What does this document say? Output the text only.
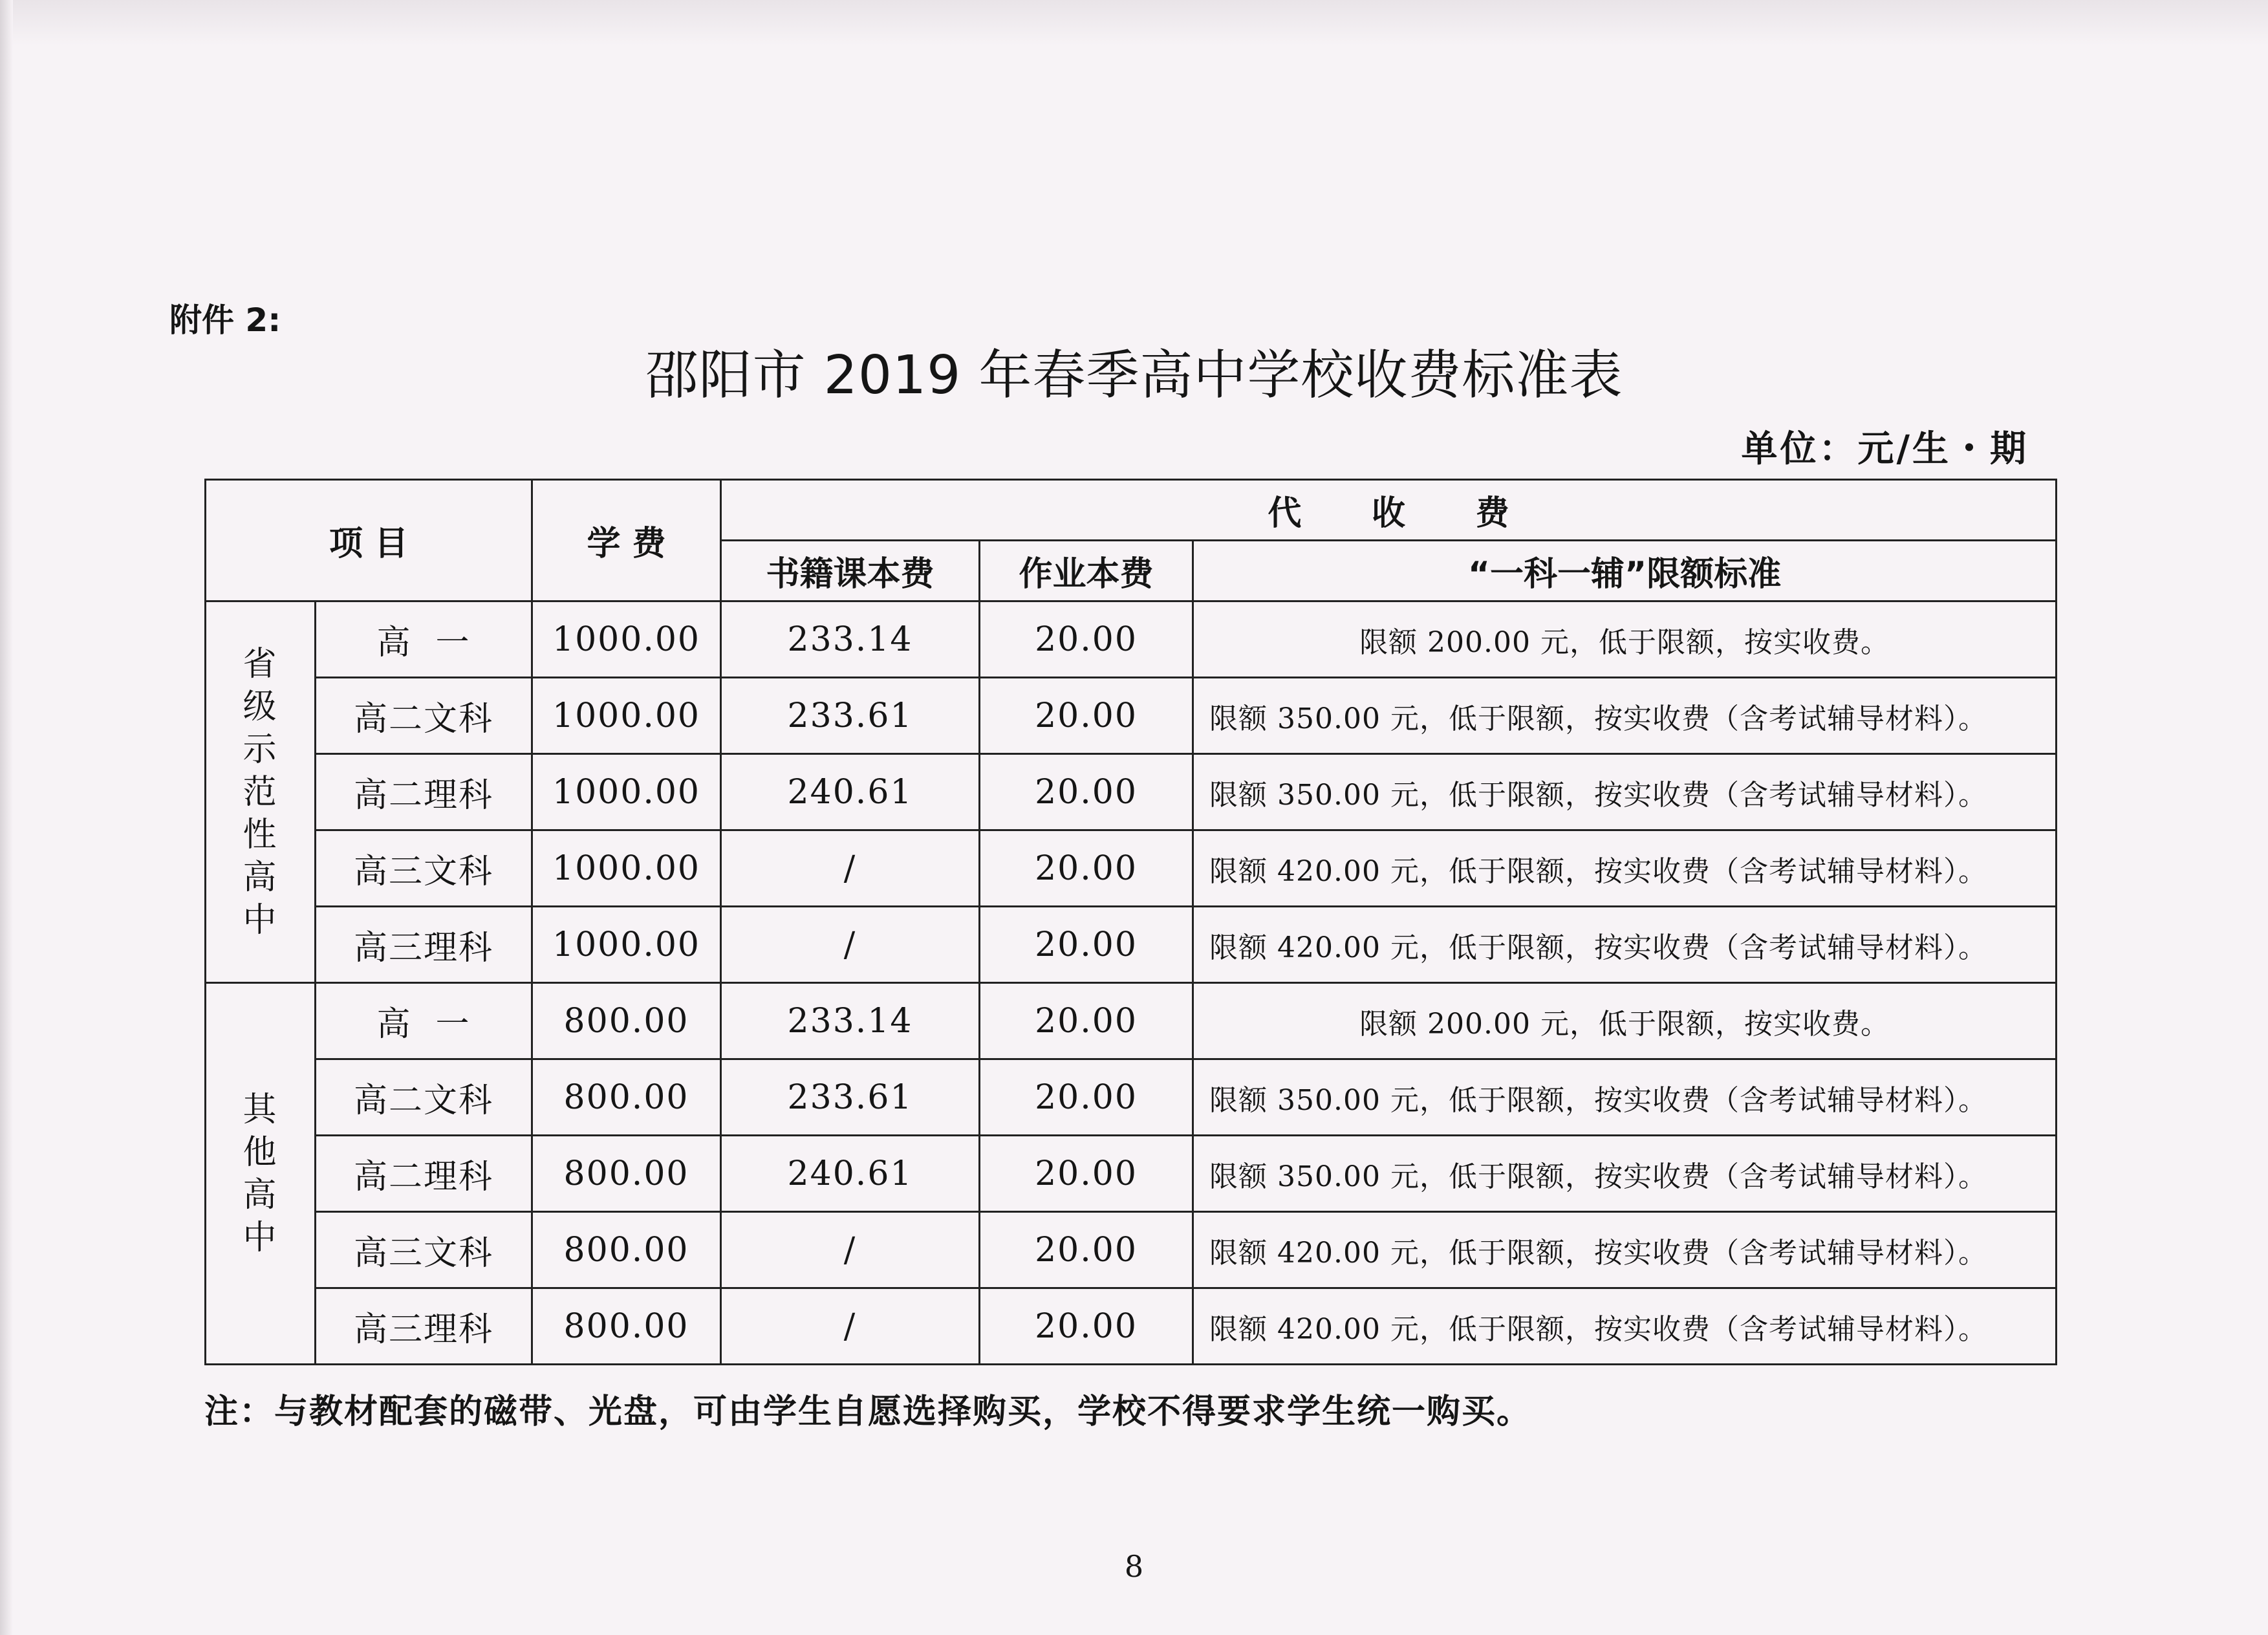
附件 2:
邵阳市 2019 年春季高中学校收费标准表
单位：元/生・期
项 目		学 费	代      收      费		
			书籍课本费	作业本费	“一科一辅”限额标准
省级示范性高中	高  一	1000.00	233.14	20.00	限额 200.00 元，低于限额，按实收费。
	高二文科	1000.00	233.61	20.00	限额 350.00 元，低于限额，按实收费（含考试辅导材料）。
	高二理科	1000.00	240.61	20.00	限额 350.00 元，低于限额，按实收费（含考试辅导材料）。
	高三文科	1000.00	/	20.00	限额 420.00 元，低于限额，按实收费（含考试辅导材料）。
	高三理科	1000.00	/	20.00	限额 420.00 元，低于限额，按实收费（含考试辅导材料）。
其他高中	高  一	800.00	233.14	20.00	限额 200.00 元，低于限额，按实收费。
	高二文科	800.00	233.61	20.00	限额 350.00 元，低于限额，按实收费（含考试辅导材料）。
	高二理科	800.00	240.61	20.00	限额 350.00 元，低于限额，按实收费（含考试辅导材料）。
	高三文科	800.00	/	20.00	限额 420.00 元，低于限额，按实收费（含考试辅导材料）。
	高三理科	800.00	/	20.00	限额 420.00 元，低于限额，按实收费（含考试辅导材料）。
注：与教材配套的磁带、光盘，可由学生自愿选择购买，学校不得要求学生统一购买。
8
